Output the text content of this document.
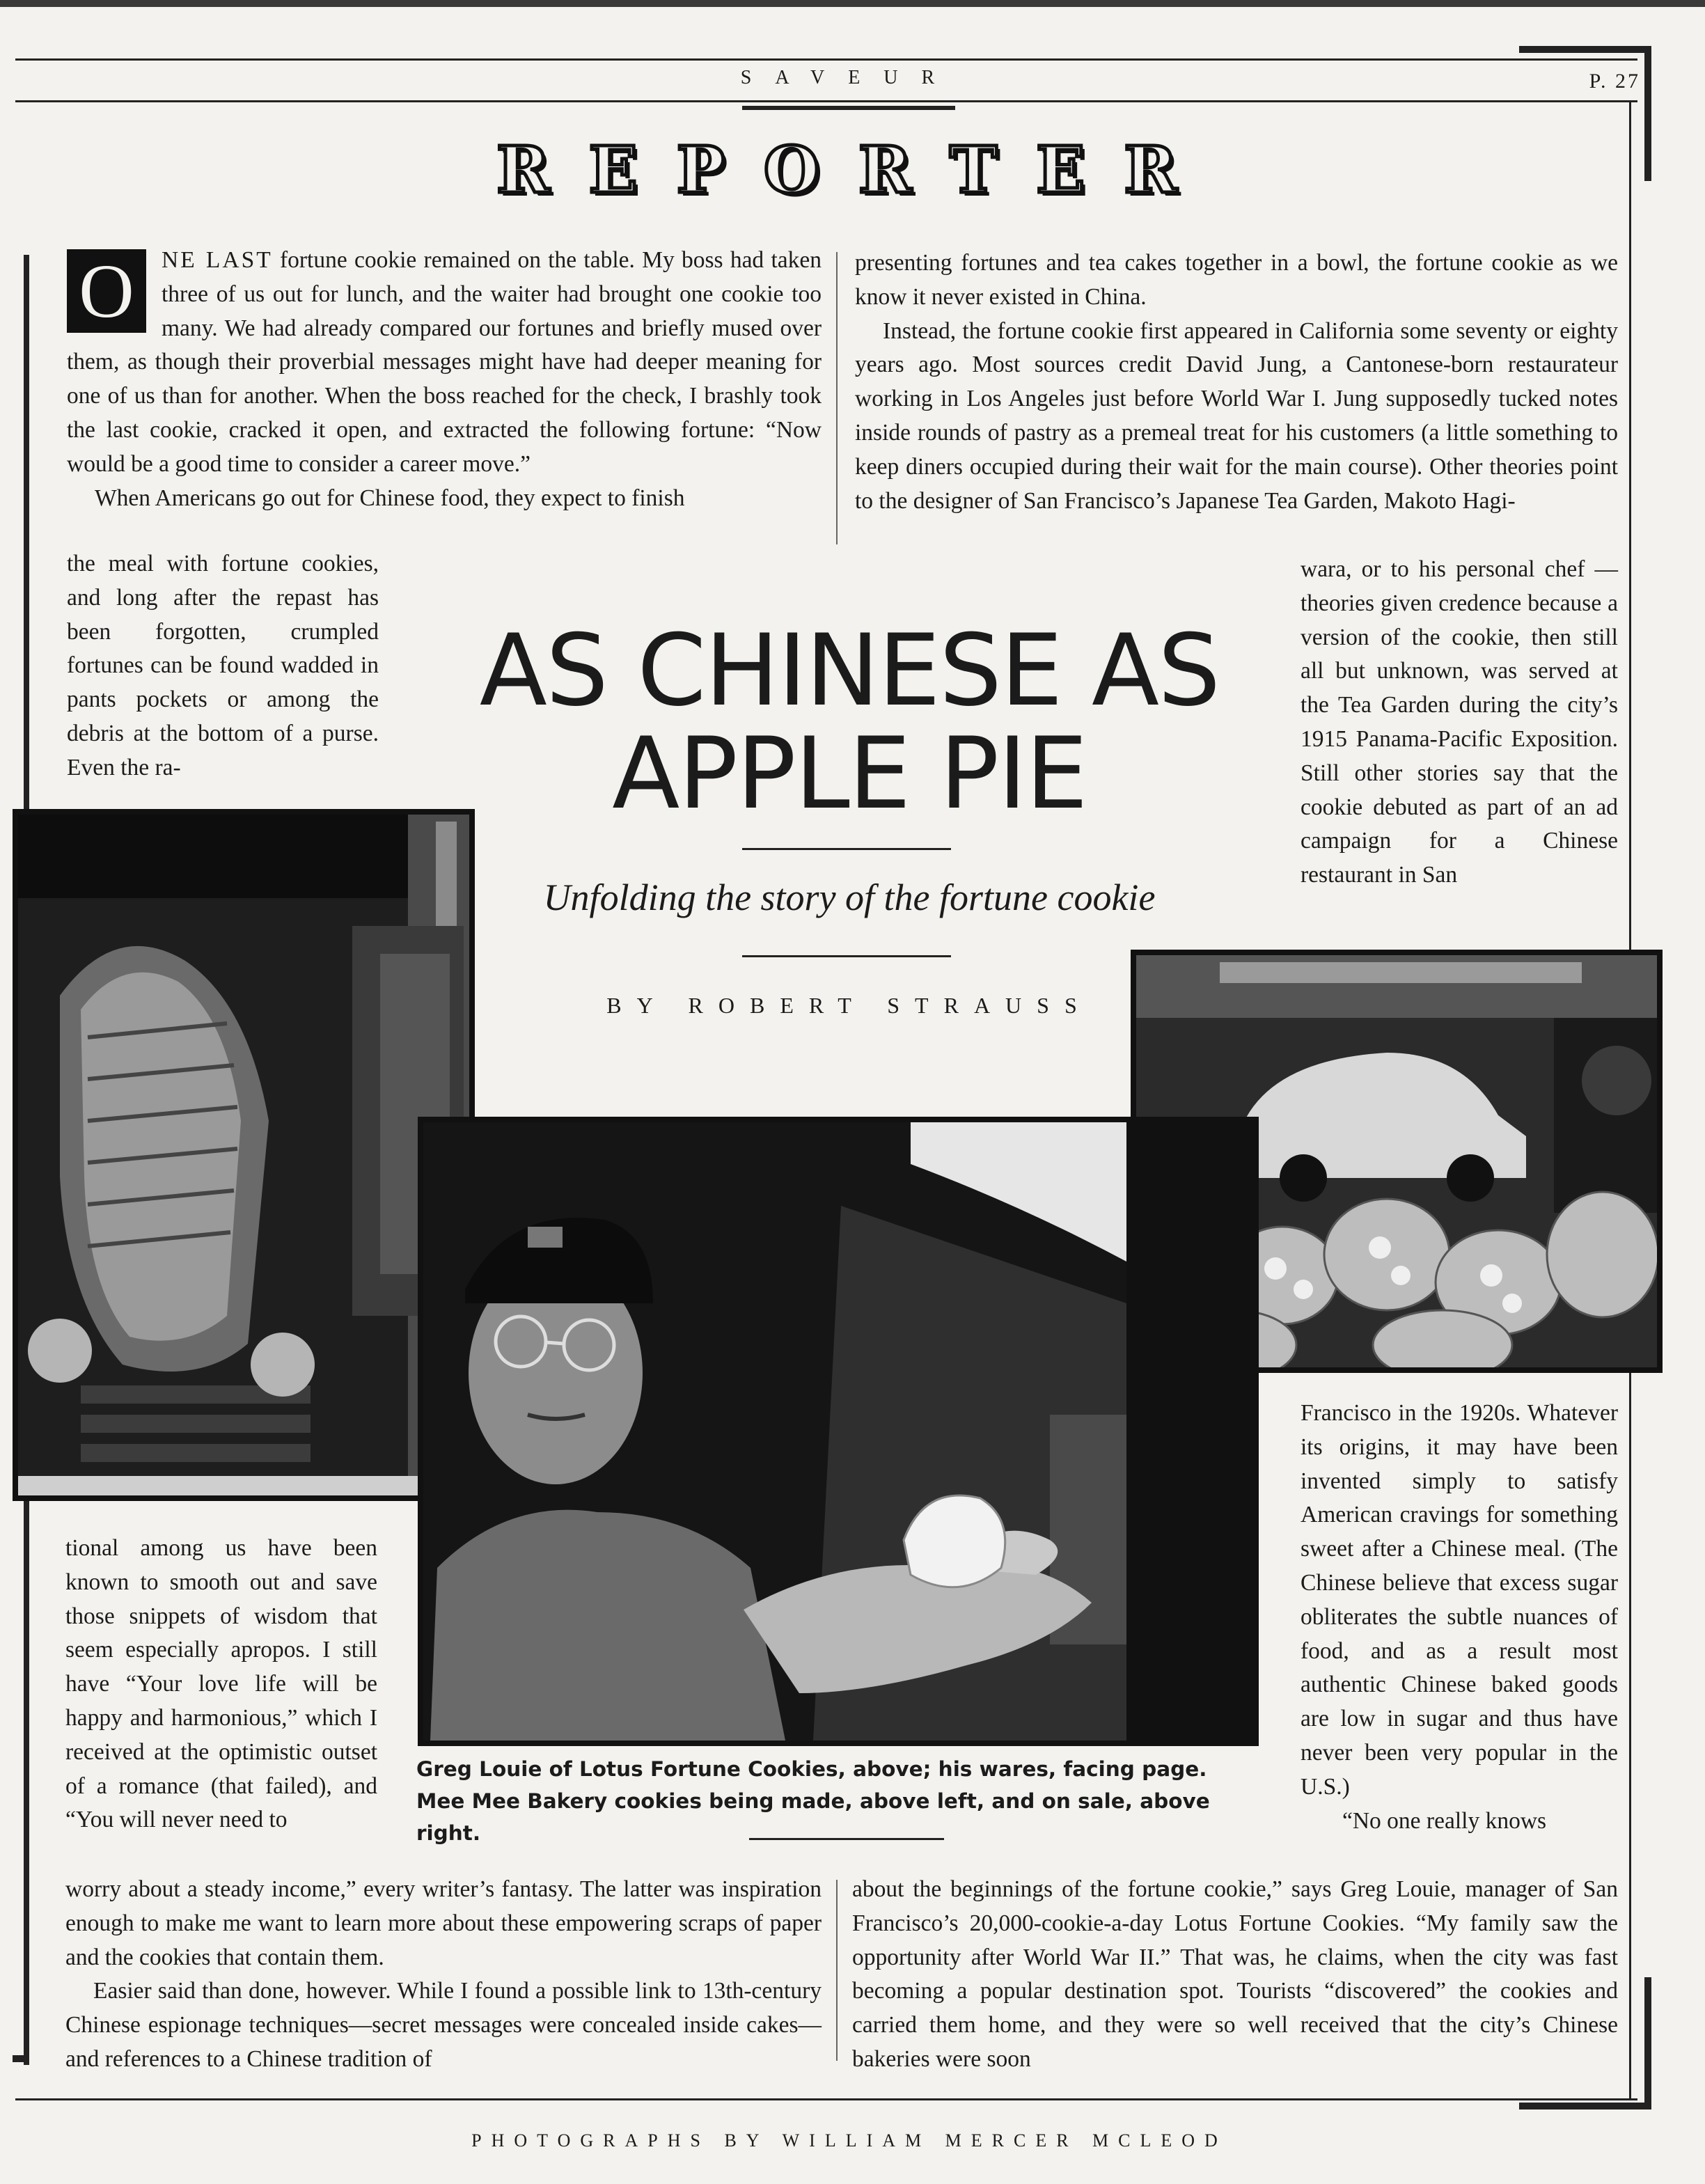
SAVEUR	P. 27
REPORTER

O	NE LAST fortune cookie remained on the table. My boss had taken three of us out for lunch, and the waiter had brought one cookie too many. We had already compared our fortunes and briefly mused over them, as though their proverbial messages might have had deeper meaning for one of us than for another. When the boss reached for the check, I brashly took the last cookie, cracked it open, and extracted the following fortune: “Now would be a good time to consider a career move.”

When Americans go out for Chinese food, they expect to finish

the meal with fortune cookies, and long after the repast has been forgotten, crumpled fortunes can be found wadded in pants pockets or among the debris at the bottom of a purse. Even the ra-

presenting fortunes and tea cakes together in a bowl, the fortune cookie as we know it never existed in China.

Instead, the fortune cookie first appeared in California some seventy or eighty years ago. Most sources credit David Jung, a Cantonese-born restaurateur working in Los Angeles just before World War I. Jung supposedly tucked notes inside rounds of pastry as a premeal treat for his customers (a little something to keep diners occupied during their wait for the main course). Other theories point to the designer of San Francisco’s Japanese Tea Garden, Makoto Hagi-

wara, or to his personal chef —theories given credence because a version of the cookie, then still all but unknown, was served at the Tea Garden during the city’s 1915 Panama-Pacific Exposition. Still other stories say that the cookie debuted as part of an ad campaign for a Chinese restaurant in San

AS CHINESE AS
APPLE PIE
Unfolding the story of the fortune cookie
BY ROBERT STRAUSS

tional among us have been known to smooth out and save those snippets of wisdom that seem especially apropos. I still have “Your love life will be happy and harmonious,” which I received at the optimistic outset of a romance (that failed), and “You will never need to

Greg Louie of Lotus Fortune Cookies, above; his wares, facing page. Mee Mee Bakery cookies being made, above left, and on sale, above right.

Francisco in the 1920s. Whatever its origins, it may have been invented simply to satisfy American cravings for something sweet after a Chinese meal. (The Chinese believe that excess sugar obliterates the subtle nuances of food, and as a result most authentic Chinese baked goods are low in sugar and thus have never been very popular in the U.S.)

“No one really knows

worry about a steady income,” every writer’s fantasy. The latter was inspiration enough to make me want to learn more about these empowering scraps of paper and the cookies that contain them.

Easier said than done, however. While I found a possible link to 13th-century Chinese espionage techniques—secret messages were concealed inside cakes—and references to a Chinese tradition of

about the beginnings of the fortune cookie,” says Greg Louie, manager of San Francisco’s 20,000-cookie-a-day Lotus Fortune Cookies. “My family saw the opportunity after World War II.” That was, he claims, when the city was fast becoming a popular destination spot. Tourists “discovered” the cookies and carried them home, and they were so well received that the city’s Chinese bakeries were soon

PHOTOGRAPHS BY WILLIAM MERCER MCLEOD
